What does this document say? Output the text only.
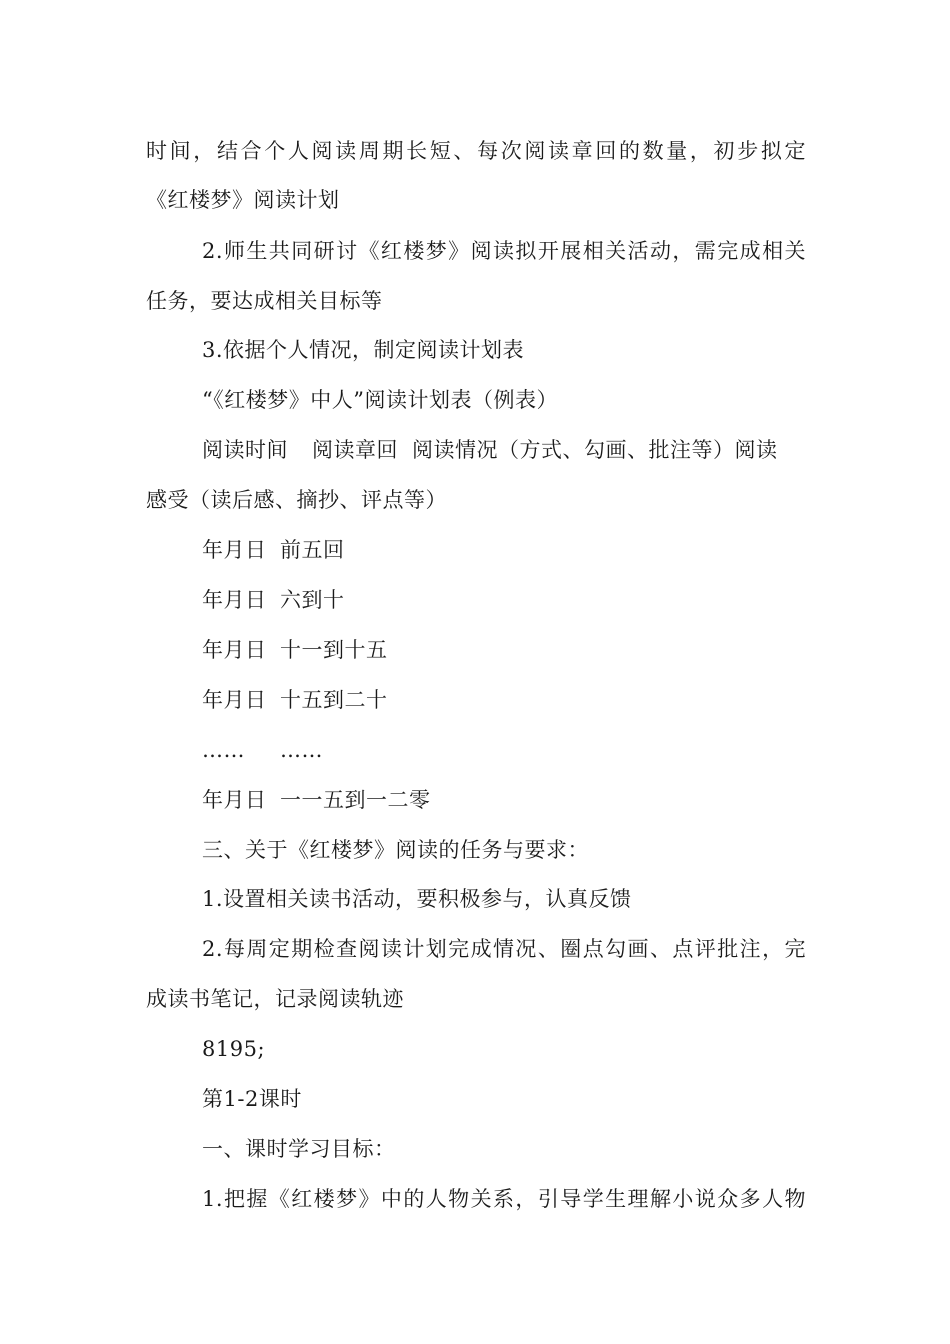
时间，结合个人阅读周期长短、每次阅读章回的数量，初步拟定
《红楼梦》阅读计划
2.师生共同研讨《红楼梦》阅读拟开展相关活动，需完成相关
任务，要达成相关目标等
3.依据个人情况，制定阅读计划表
“《红楼梦》中人”阅读计划表（例表）
阅读时间 阅读章回 阅读情况（方式、勾画、批注等）阅读
感受（读后感、摘抄、评点等）
年月日 前五回
年月日 六到十
年月日 十一到十五
年月日 十五到二十
…… ……
年月日 一一五到一二零
三、关于《红楼梦》阅读的任务与要求：
1.设置相关读书活动，要积极参与，认真反馈
2.每周定期检查阅读计划完成情况、圈点勾画、点评批注，完
成读书笔记，记录阅读轨迹
8195;
第1-2课时
一、课时学习目标：
1.把握《红楼梦》中的人物关系，引导学生理解小说众多人物
